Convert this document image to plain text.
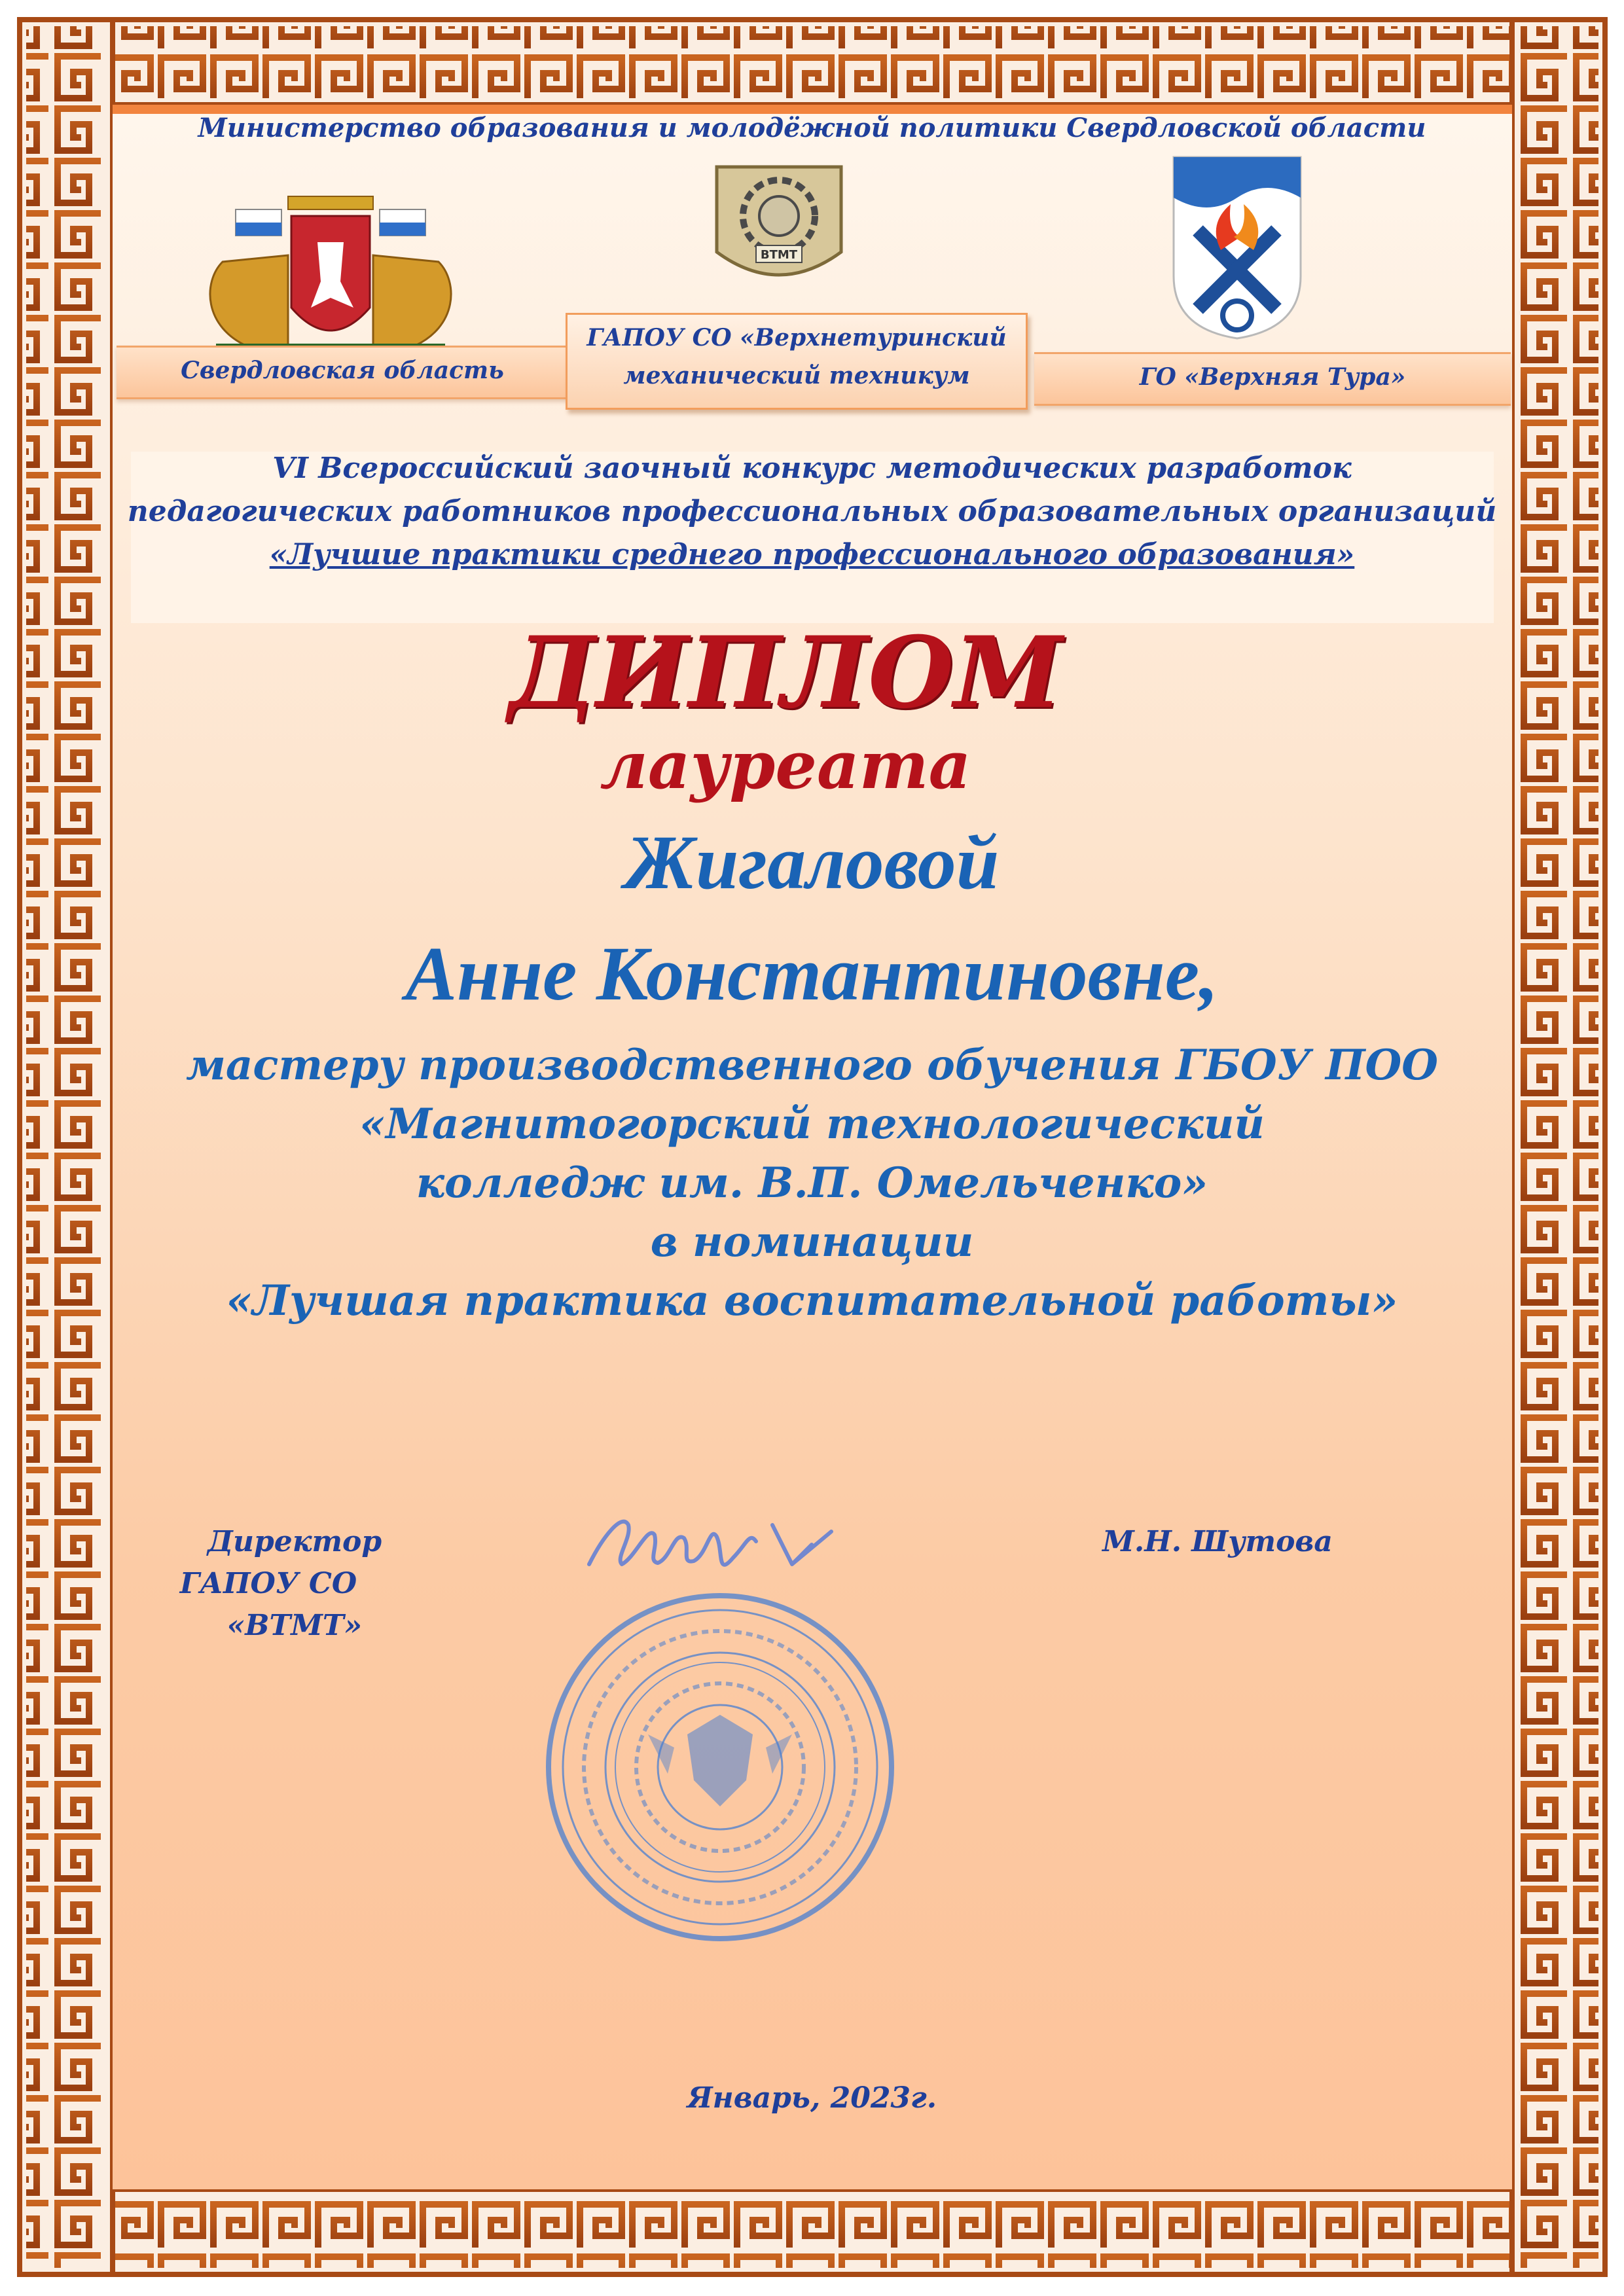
Министерство образования и молодёжной политики Свердловской области
ВТМТ
Свердловская область	ГО «Верхняя Тура»
ГАПОУ СО «Верхнетуринский
механический техникум
VI Всероссийский заочный конкурс методических разработок
педагогических работников профессиональных образовательных организаций
«Лучшие практики среднего профессионального образования»
ДИПЛОМ
лауреата
Жигаловой
Анне Константиновне,
мастеру производственного обучения ГБОУ ПОО
«Магнитогорский технологический
колледж им. В.П. Омельченко»
в номинации
«Лучшая практика воспитательной работы»
Директор
ГАПОУ СО
«ВТМТ»
М.Н. Шутова
Январь, 2023г.
